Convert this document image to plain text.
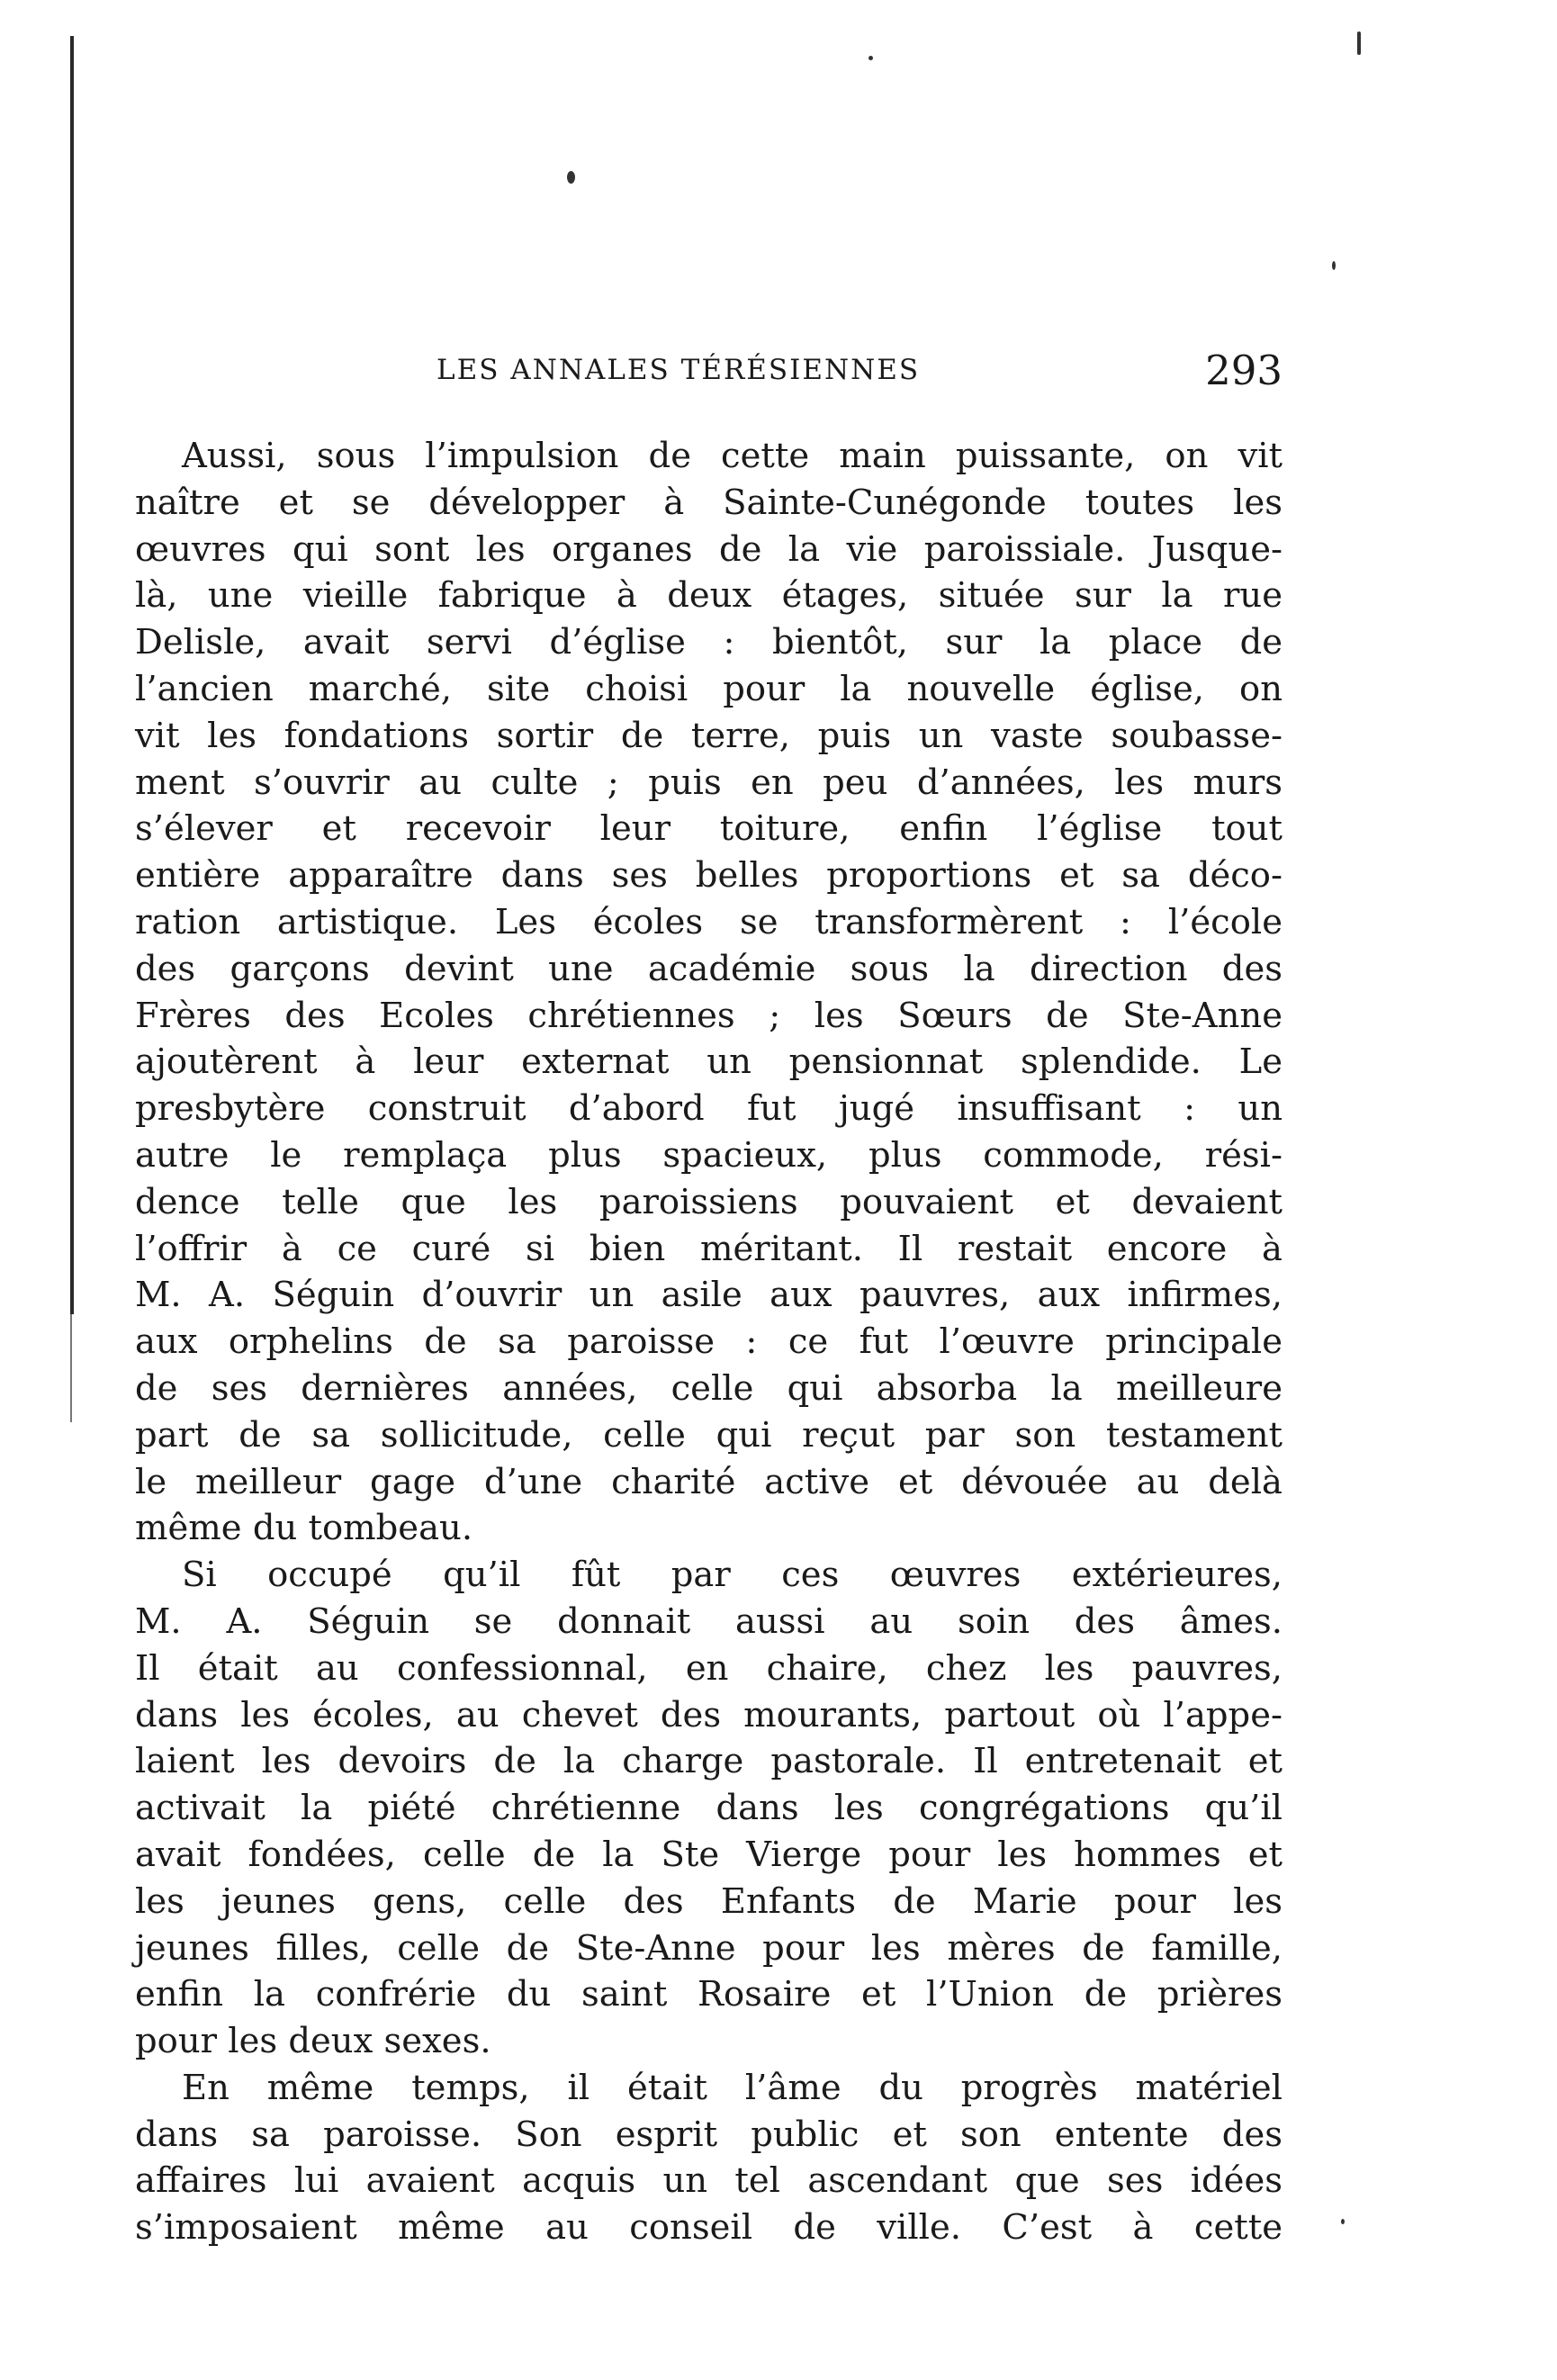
LES ANNALES TÉRÉSIENNES	293
Aussi, sous l’impulsion de cette main puissante, on vit
naître et se développer à Sainte-Cunégonde toutes les
œuvres qui sont les organes de la vie paroissiale. Jusque-
là, une vieille fabrique à deux étages, située sur la rue
Delisle, avait servi d’église : bientôt, sur la place de
l’ancien marché, site choisi pour la nouvelle église, on
vit les fondations sortir de terre, puis un vaste soubasse-
ment s’ouvrir au culte ; puis en peu d’années, les murs
s’élever et recevoir leur toiture, enfin l’église tout
entière apparaître dans ses belles proportions et sa déco-
ration artistique. Les écoles se transformèrent : l’école
des garçons devint une académie sous la direction des
Frères des Ecoles chrétiennes ; les Sœurs de Ste-Anne
ajoutèrent à leur externat un pensionnat splendide. Le
presbytère construit d’abord fut jugé insuffisant : un
autre le remplaça plus spacieux, plus commode, rési-
dence telle que les paroissiens pouvaient et devaient
l’offrir à ce curé si bien méritant. Il restait encore à
M. A. Séguin d’ouvrir un asile aux pauvres, aux infirmes,
aux orphelins de sa paroisse : ce fut l’œuvre principale
de ses dernières années, celle qui absorba la meilleure
part de sa sollicitude, celle qui reçut par son testament
le meilleur gage d’une charité active et dévouée au delà
même du tombeau.
Si occupé qu’il fût par ces œuvres extérieures,
M. A. Séguin se donnait aussi au soin des âmes.
Il était au confessionnal, en chaire, chez les pauvres,
dans les écoles, au chevet des mourants, partout où l’appe-
laient les devoirs de la charge pastorale. Il entretenait et
activait la piété chrétienne dans les congrégations qu’il
avait fondées, celle de la Ste Vierge pour les hommes et
les jeunes gens, celle des Enfants de Marie pour les
jeunes filles, celle de Ste-Anne pour les mères de famille,
enfin la confrérie du saint Rosaire et l’Union de prières
pour les deux sexes.
En même temps, il était l’âme du progrès matériel
dans sa paroisse. Son esprit public et son entente des
affaires lui avaient acquis un tel ascendant que ses idées
s’imposaient même au conseil de ville. C’est à cette
